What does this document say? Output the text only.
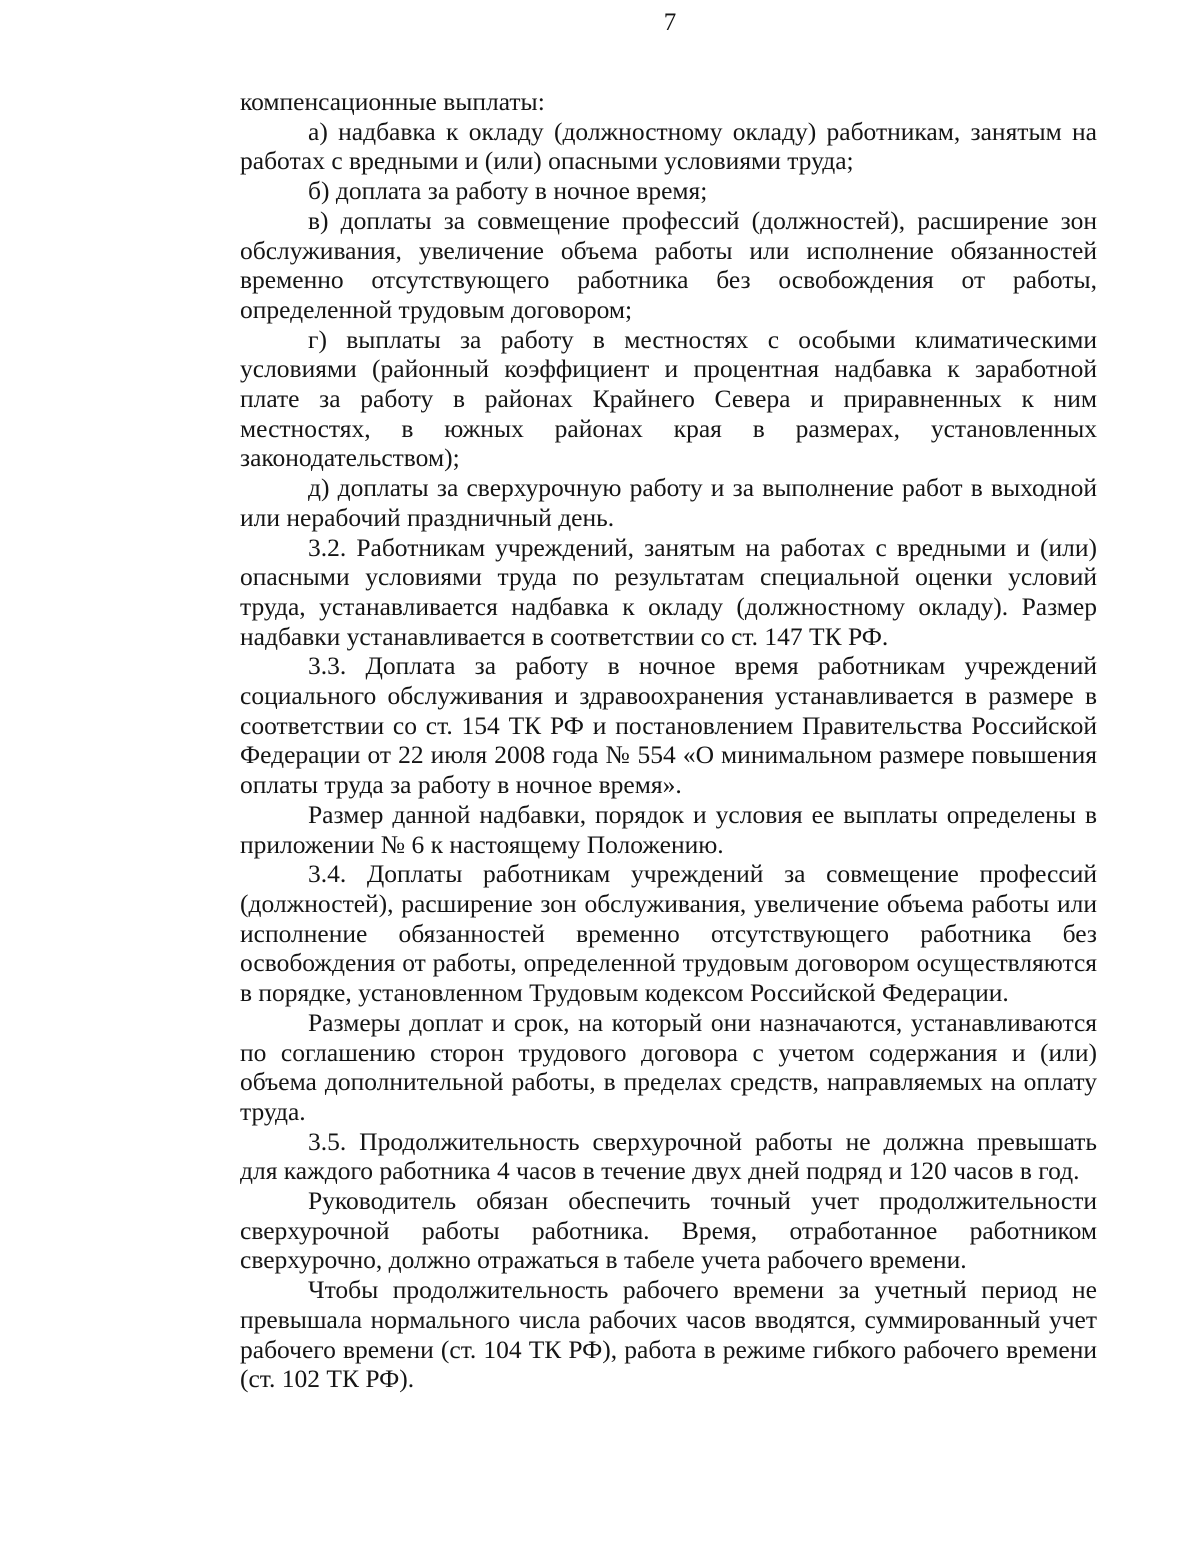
7

компенсационные выплаты:

а) надбавка к окладу (должностному окладу) работникам, занятым на работах с вредными и (или) опасными условиями труда;

б) доплата за работу в ночное время;

в) доплаты за совмещение профессий (должностей), расширение зон обслуживания, увеличение объема работы или исполнение обязанностей временно отсутствующего работника без освобождения от работы, определенной трудовым договором;

г) выплаты за работу в местностях с особыми климатическими условиями (районный коэффициент и процентная надбавка к заработной плате за работу в районах Крайнего Севера и приравненных к ним местностях, в южных районах края в размерах, установленных законодательством);

д) доплаты за сверхурочную работу и за выполнение работ в выходной или нерабочий праздничный день.

3.2. Работникам учреждений, занятым на работах с вредными и (или) опасными условиями труда по результатам специальной оценки условий труда, устанавливается надбавка к окладу (должностному окладу). Размер надбавки устанавливается в соответствии со ст. 147 ТК РФ.

3.3. Доплата за работу в ночное время работникам учреждений социального обслуживания и здравоохранения устанавливается в размере в соответствии со ст. 154 ТК РФ и постановлением Правительства Российской Федерации от 22 июля 2008 года № 554 «О минимальном размере повышения оплаты труда за работу в ночное время».

Размер данной надбавки, порядок и условия ее выплаты определены в приложении № 6 к настоящему Положению.

3.4. Доплаты работникам учреждений за совмещение профессий (должностей), расширение зон обслуживания, увеличение объема работы или исполнение обязанностей временно отсутствующего работника без освобождения от работы, определенной трудовым договором осуществляются в порядке, установленном Трудовым кодексом Российской Федерации.

Размеры доплат и срок, на который они назначаются, устанавливаются по соглашению сторон трудового договора с учетом содержания и (или) объема дополнительной работы, в пределах средств, направляемых на оплату труда.

3.5. Продолжительность сверхурочной работы не должна превышать для каждого работника 4 часов в течение двух дней подряд и 120 часов в год.

Руководитель обязан обеспечить точный учет продолжительности сверхурочной работы работника. Время, отработанное работником сверхурочно, должно отражаться в табеле учета рабочего времени.

Чтобы продолжительность рабочего времени за учетный период не превышала нормального числа рабочих часов вводятся, суммированный учет рабочего времени (ст. 104 ТК РФ), работа в режиме гибкого рабочего времени (ст. 102 ТК РФ).
